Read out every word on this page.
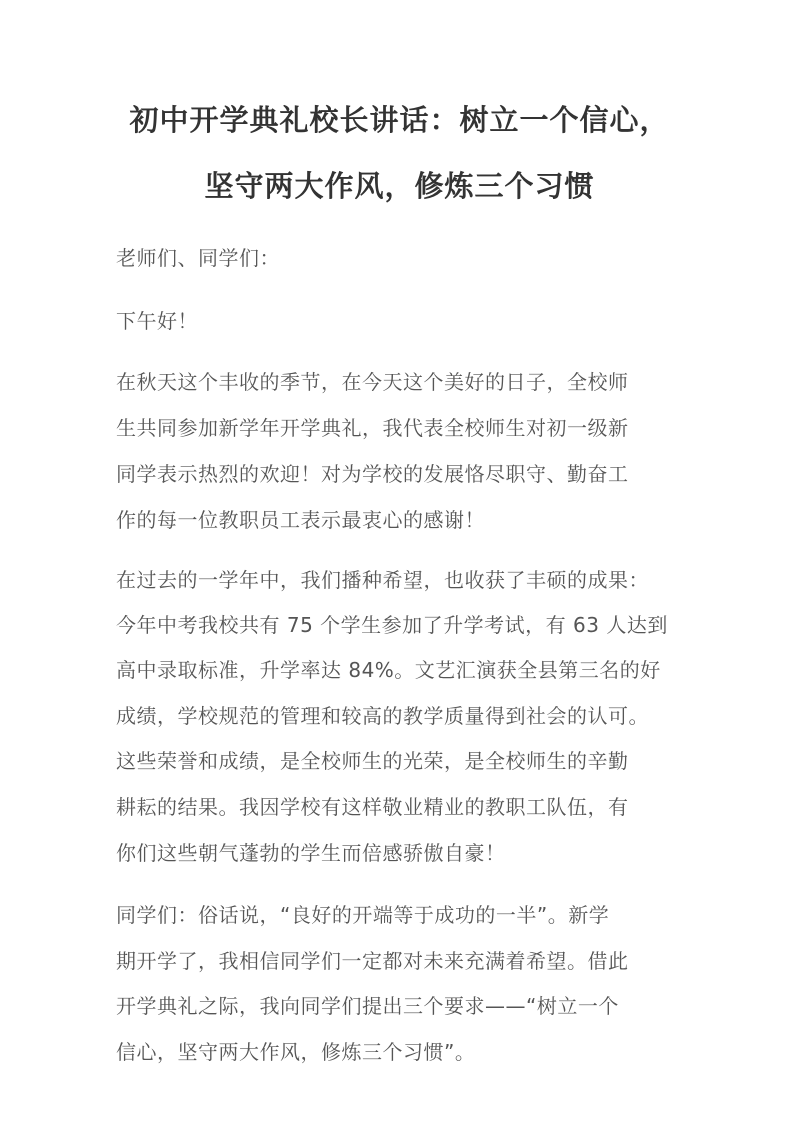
初中开学典礼校长讲话：树立一个信心，
坚守两大作风，修炼三个习惯
老师们、同学们：
下午好！
在秋天这个丰收的季节，在今天这个美好的日子，全校师
生共同参加新学年开学典礼，我代表全校师生对初一级新
同学表示热烈的欢迎！对为学校的发展恪尽职守、勤奋工
作的每一位教职员工表示最衷心的感谢！
在过去的一学年中，我们播种希望，也收获了丰硕的成果：
今年中考我校共有 75 个学生参加了升学考试，有 63 人达到
高中录取标准，升学率达 84%。文艺汇演获全县第三名的好
成绩，学校规范的管理和较高的教学质量得到社会的认可。
这些荣誉和成绩，是全校师生的光荣，是全校师生的辛勤
耕耘的结果。我因学校有这样敬业精业的教职工队伍，有
你们这些朝气蓬勃的学生而倍感骄傲自豪！
同学们：俗话说，“良好的开端等于成功的一半”。新学
期开学了，我相信同学们一定都对未来充满着希望。借此
开学典礼之际，我向同学们提出三个要求——“树立一个
信心，坚守两大作风，修炼三个习惯”。
